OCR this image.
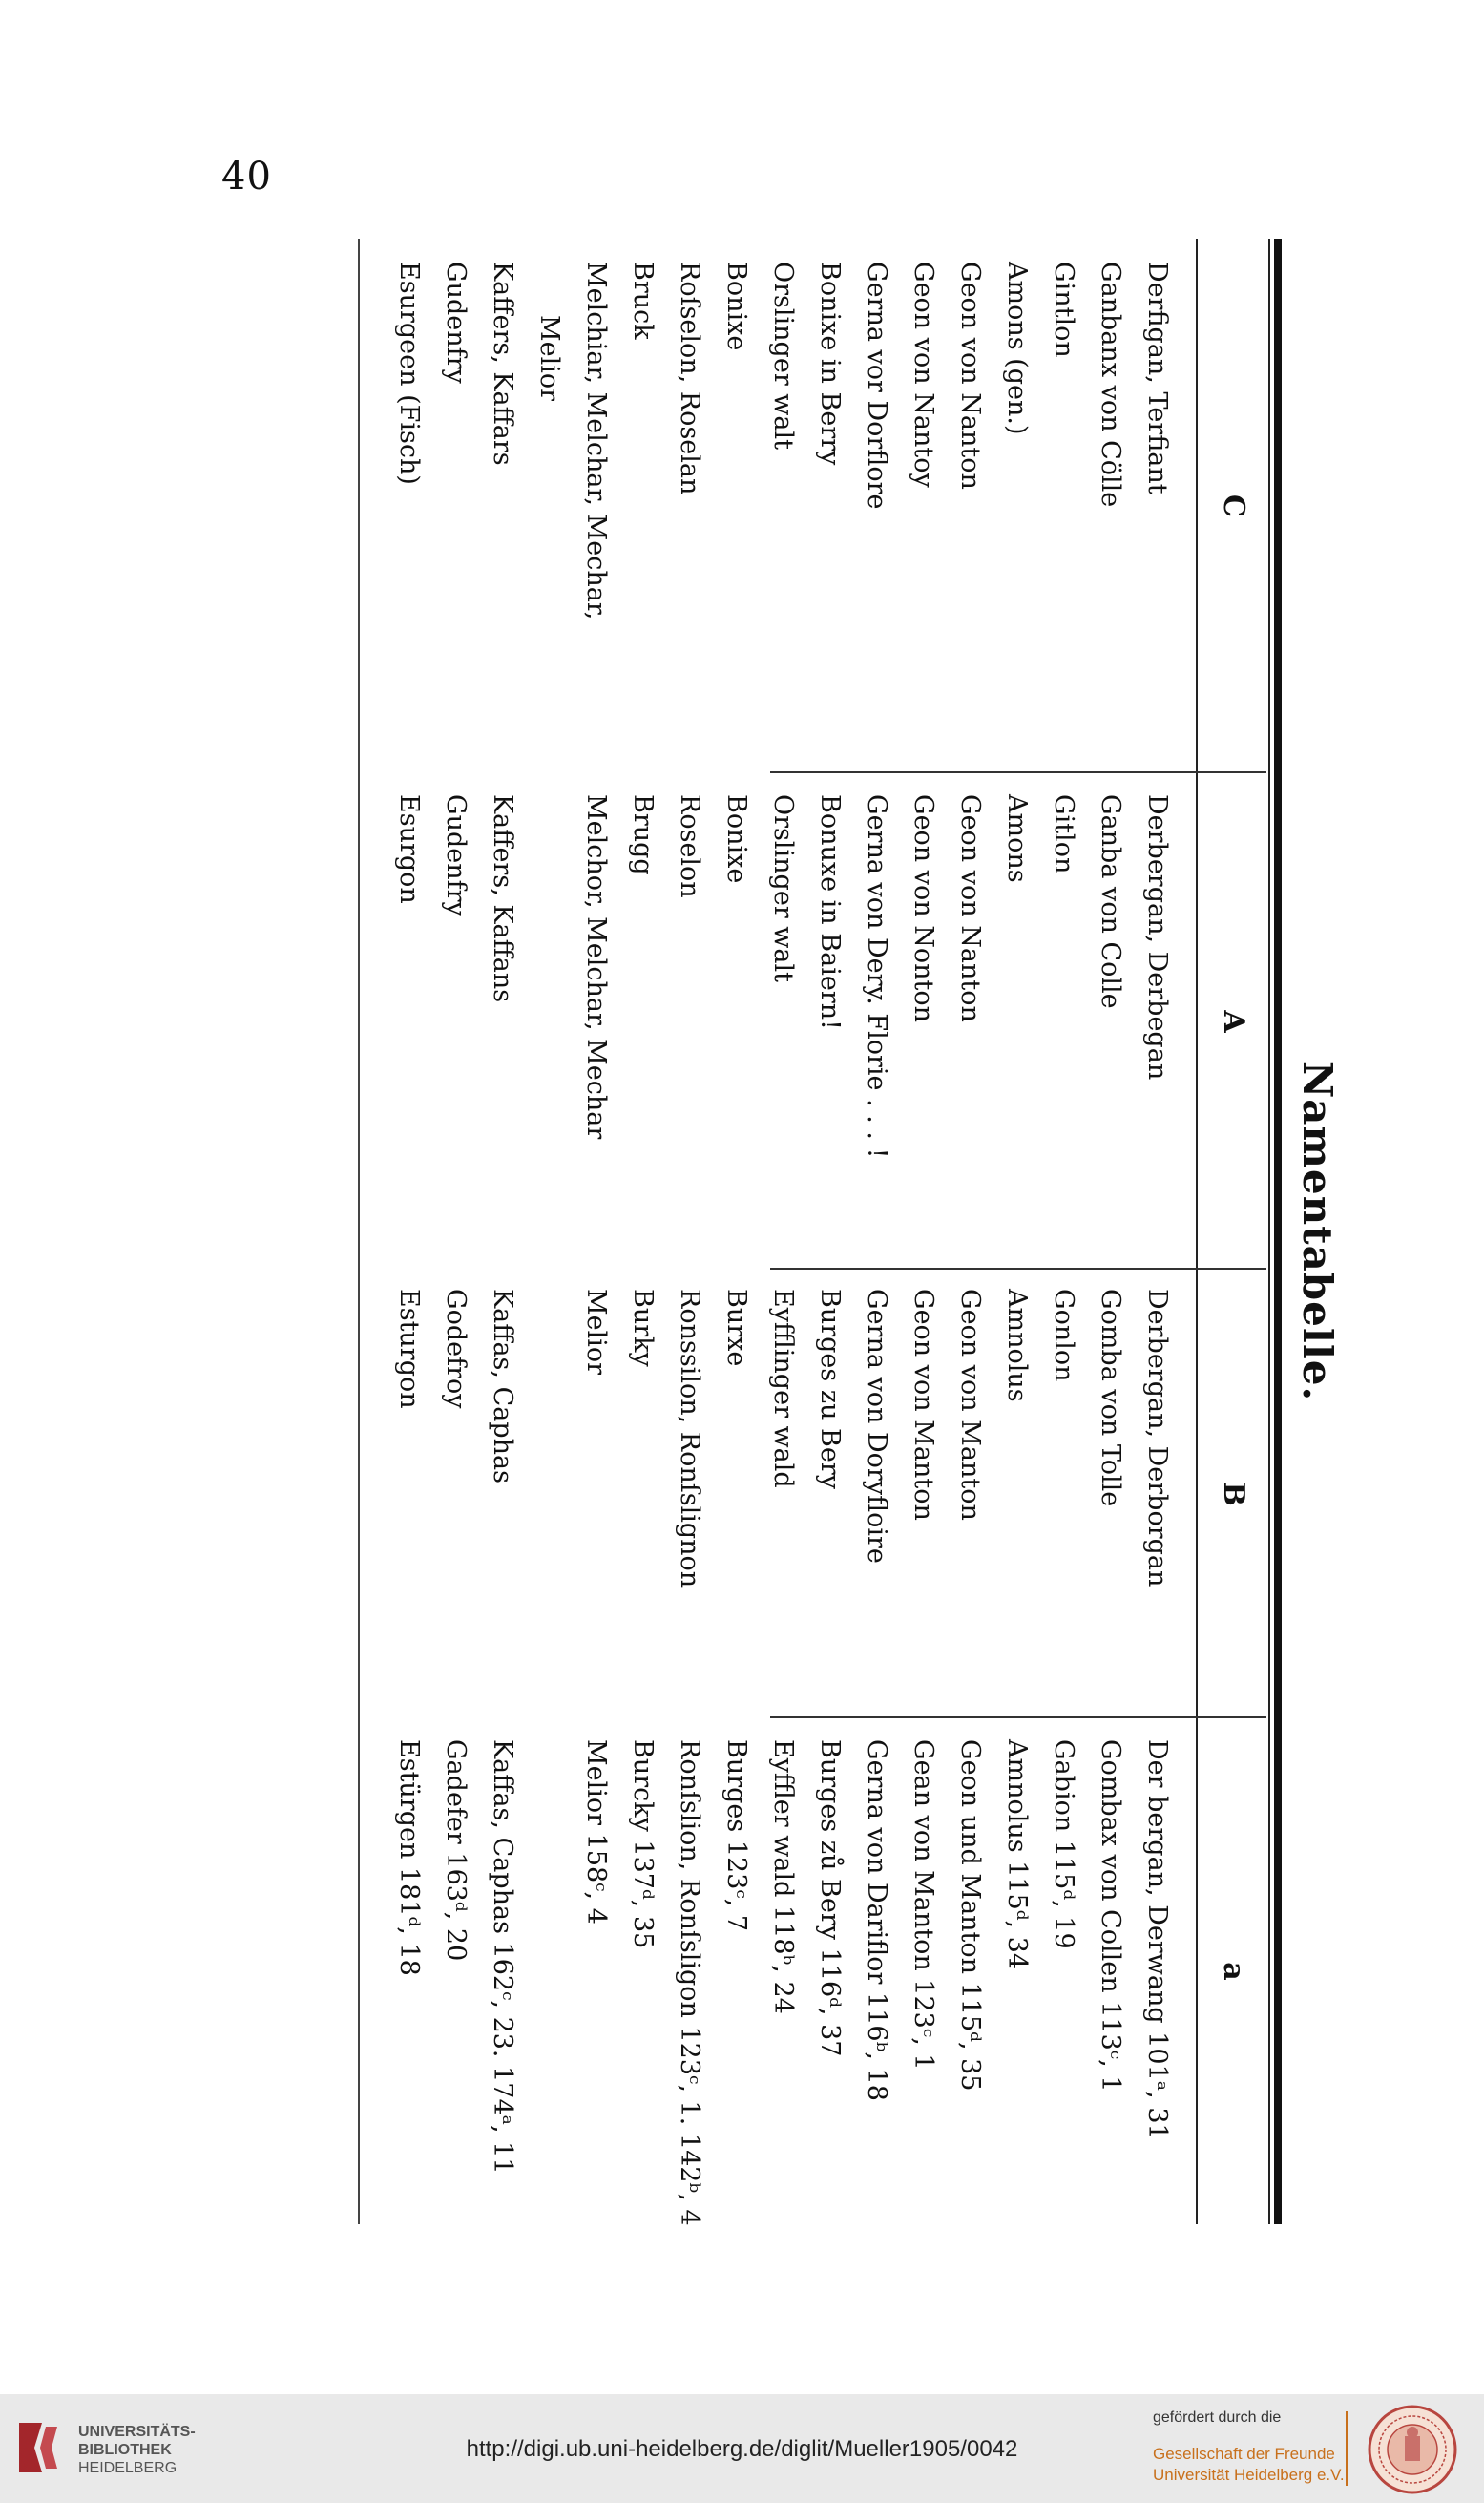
40
Namentabelle.
C
A
B
a
Derfigan, Terfiant
Ganbanx von Cölle
Gintlon
Amons (gen.)
Geon von Nanton
Geon von Nantoy
Gerna vor Dorflore
Bonixe in Berry
Orslinger walt
Bonixe
Roſselon, Roselan
Bruck
Melchiar, Melchar, Mechar,
Melior
Kaffers, Kaffars
Gudenfry
Esurgeen (Fisch)
Derbergan, Derbegan
Ganba von Colle
Gitlon
Amons
Geon von Nanton
Geon von Nonton
Gerna von Dery. Florie . . . !
Bonuxe in Baiern!
Orslinger walt
Bonixe
Roselon
Brugg
Melchor, Melchar, Mechar
Kaffers, Kaffans
Gudenfry
Esurgon
Derbergan, Derborgan
Gomba von Tolle
Gonlon
Amnolus
Geon von Manton
Geon von Manton
Gerna von Doryfloire
Burges zu Bery
Eyfflinger wald
Burxe
Ronssilon, Ronſslignon
Burky
Melior
Kaffas, Caphas
Godefroy
Esturgon
Der bergan, Derwang 101ᵃ, 31
Gombax von Collen 113ᶜ, 1
Gabion 115ᵈ, 19
Amnolus 115ᵈ, 34
Geon und Manton 115ᵈ, 35
Gean von Manton 123ᶜ, 1
Gerna von Dariflor 116ᵇ, 18
Burges zů Bery 116ᵈ, 37
Eyffler wald 118ᵇ, 24
Burges 123ᶜ, 7
Ronſslion, Ronſsligon 123ᶜ, 1. 142ᵇ, 4
Burcky 137ᵈ, 35
Melior 158ᶜ, 4
Kaffas, Caphas 162ᶜ, 23. 174ᵃ, 11
Gadefer 163ᵈ, 20
Estürgen 181ᵈ, 18
UNIVERSITÄTS-
BIBLIOTHEK
HEIDELBERG
http://digi.ub.uni-heidelberg.de/diglit/Mueller1905/0042
gefördert durch die
Gesellschaft der Freunde
Universität Heidelberg e.V.
